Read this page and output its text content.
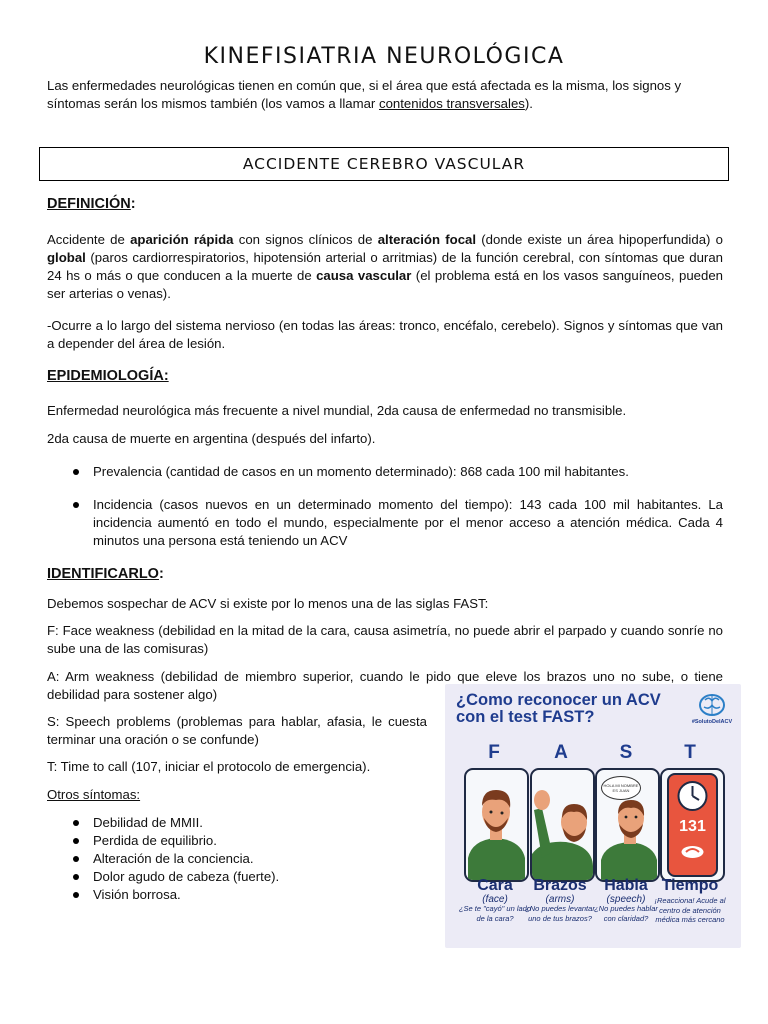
KINEFISIATRIA NEUROLÓGICA

Las enfermedades neurológicas tienen en común que, si el área que está afectada es la misma, los signos y síntomas serán los mismos también (los vamos a llamar contenidos transversales).

ACCIDENTE CEREBRO VASCULAR
DEFINICIÓN:

Accidente de aparición rápida con signos clínicos de alteración focal (donde existe un área hipoperfundida) o global (paros cardiorrespiratorios, hipotensión arterial o arritmias) de la función cerebral, con síntomas que duran 24 hs o más o que conducen a la muerte de causa vascular (el problema está en los vasos sanguíneos, pueden ser arterias o venas).

-Ocurre a lo largo del sistema nervioso (en todas las áreas: tronco, encéfalo, cerebelo). Signos y síntomas que van a depender del área de lesión.

EPIDEMIOLOGÍA:

Enfermedad neurológica más frecuente a nivel mundial, 2da causa de enfermedad no transmisible.

2da causa de muerte en argentina (después del infarto).

Prevalencia (cantidad de casos en un momento determinado): 868 cada 100 mil habitantes.
Incidencia (casos nuevos en un determinado momento del tiempo): 143 cada 100 mil habitantes. La incidencia aumentó en todo el mundo, especialmente por el menor acceso a atención médica. Cada 4 minutos una persona está teniendo un ACV
IDENTIFICARLO:

Debemos sospechar de ACV si existe por lo menos una de las siglas FAST:

F: Face weakness (debilidad en la mitad de la cara, causa asimetría, no puede abrir el parpado y cuando sonríe no sube una de las comisuras)

A: Arm weakness (debilidad de miembro superior, cuando le pido que eleve los brazos uno no sube, o tiene debilidad para sostener algo)

S: Speech problems (problemas para hablar, afasia, le cuesta terminar una oración o se confunde)

T: Time to call (107, iniciar el protocolo de emergencia).

Otros síntomas:

Debilidad de MMII.
Perdida de equilibrio.
Alteración de la conciencia.
Dolor agudo de cabeza (fuerte).
Visión borrosa.
¿Como reconocer un ACV con el test FAST?	#SolutoDelACV
F	A	S	T
HOLA MI NOMBRE ES JUAN
131
Cara
(face)
¿Se te "cayó" un lado de la cara?
Brazos
(arms)
¿No puedes levantar uno de tus brazos?
Habla
(speech)
¿No puedes hablar con claridad?
Tiempo
¡Reacciona! Acude al centro de atención médica más cercano
